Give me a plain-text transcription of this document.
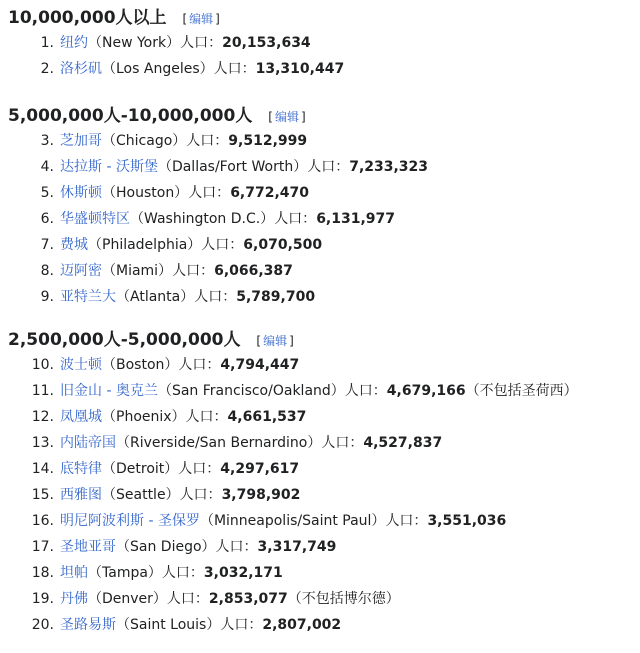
10,000,000人以上 [ 编辑 ]
1. 纽约（New York）人口：20,153,634
2. 洛杉矶（Los Angeles）人口：13,310,447
5,000,000人-10,000,000人 [ 编辑 ]
3. 芝加哥（Chicago）人口：9,512,999
4. 达拉斯 - 沃斯堡（Dallas/Fort Worth）人口：7,233,323
5. 休斯顿（Houston）人口：6,772,470
6. 华盛顿特区（Washington D.C.）人口：6,131,977
7. 费城（Philadelphia）人口：6,070,500
8. 迈阿密（Miami）人口：6,066,387
9. 亚特兰大（Atlanta）人口：5,789,700
2,500,000人-5,000,000人 [ 编辑 ]
10. 波士顿（Boston）人口：4,794,447
11. 旧金山 - 奥克兰（San Francisco/Oakland）人口：4,679,166（不包括圣荷西）
12. 凤凰城（Phoenix）人口：4,661,537
13. 内陆帝国（Riverside/San Bernardino）人口：4,527,837
14. 底特律（Detroit）人口：4,297,617
15. 西雅图（Seattle）人口：3,798,902
16. 明尼阿波利斯 - 圣保罗（Minneapolis/Saint Paul）人口：3,551,036
17. 圣地亚哥（San Diego）人口：3,317,749
18. 坦帕（Tampa）人口：3,032,171
19. 丹佛（Denver）人口：2,853,077（不包括博尔德）
20. 圣路易斯（Saint Louis）人口：2,807,002
